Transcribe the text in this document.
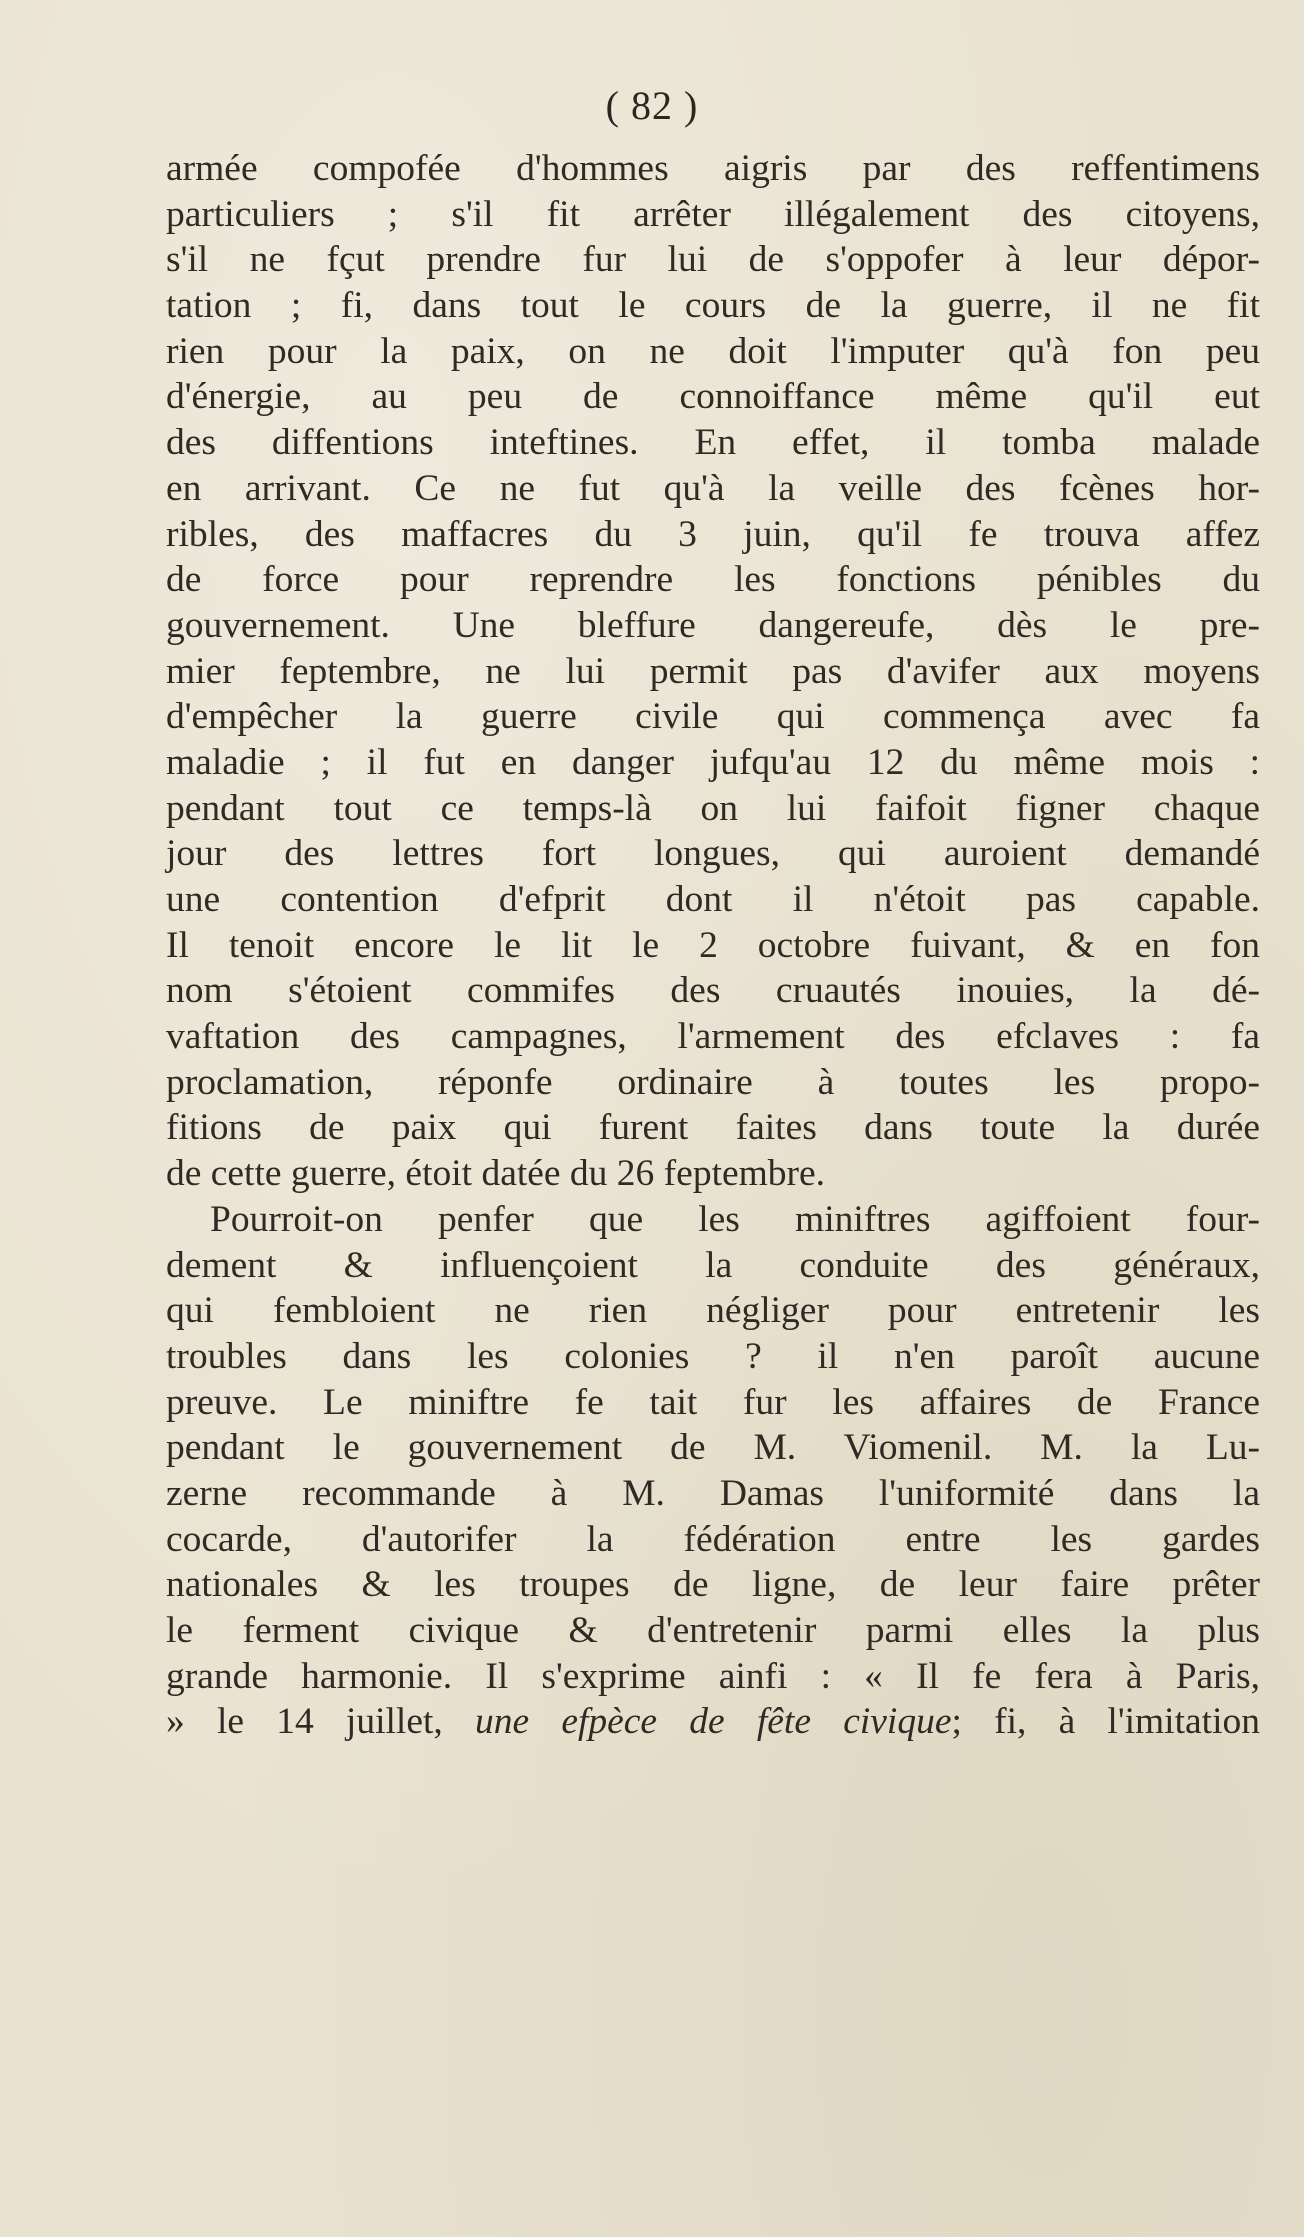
( 82 )
armée compofée d'hommes aigris par des reffentimens
particuliers ; s'il fit arrêter illégalement des citoyens,
s'il ne fçut prendre fur lui de s'oppofer à leur dépor-
tation ; fi, dans tout le cours de la guerre, il ne fit
rien pour la paix, on ne doit l'imputer qu'à fon peu
d'énergie, au peu de connoiffance même qu'il eut
des diffentions inteftines. En effet, il tomba malade
en arrivant. Ce ne fut qu'à la veille des fcènes hor-
ribles, des maffacres du 3 juin, qu'il fe trouva affez
de force pour reprendre les fonctions pénibles du
gouvernement. Une bleffure dangereufe, dès le pre-
mier feptembre, ne lui permit pas d'avifer aux moyens
d'empêcher la guerre civile qui commença avec fa
maladie ; il fut en danger jufqu'au 12 du même mois :
pendant tout ce temps-là on lui faifoit figner chaque
jour des lettres fort longues, qui auroient demandé
une contention d'efprit dont il n'étoit pas capable.
Il tenoit encore le lit le 2 octobre fuivant, & en fon
nom s'étoient commifes des cruautés inouies, la dé-
vaftation des campagnes, l'armement des efclaves : fa
proclamation, réponfe ordinaire à toutes les propo-
fitions de paix qui furent faites dans toute la durée
de cette guerre, étoit datée du 26 feptembre.
Pourroit-on penfer que les miniftres agiffoient four-
dement & influençoient la conduite des généraux,
qui fembloient ne rien négliger pour entretenir les
troubles dans les colonies ? il n'en paroît aucune
preuve. Le miniftre fe tait fur les affaires de France
pendant le gouvernement de M. Viomenil. M. la Lu-
zerne recommande à M. Damas l'uniformité dans la
cocarde, d'autorifer la fédération entre les gardes
nationales & les troupes de ligne, de leur faire prêter
le ferment civique & d'entretenir parmi elles la plus
grande harmonie. Il s'exprime ainfi : « Il fe fera à Paris,
» le 14 juillet, une efpèce de fête civique; fi, à l'imitation
